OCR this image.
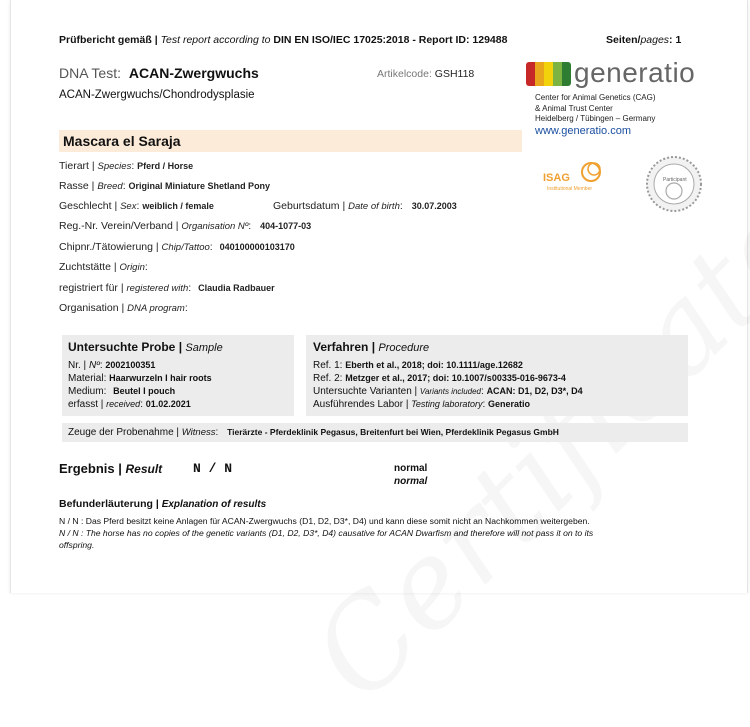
Prüfbericht gemäß | Test report according to DIN EN ISO/IEC 17025:2018 - Report ID: 129488	Seiten/pages: 1
DNA Test: ACAN-Zwergwuchs
ACAN-Zwergwuchs/Chondrodysplasie
Artikelcode: GSH118	generatio
Center for Animal Genetics (CAG)
& Animal Trust Center
Heidelberg / Tübingen – Germany
www.generatio.com
ISAG
Institutional Member
Participant
Mascara el Saraja
Tierart | Species: Pferd / Horse
Rasse | Breed: Original Miniature Shetland Pony
Geschlecht | Sex: weiblich / female	Geburtsdatum | Date of birth: 30.07.2003
Reg.-Nr. Verein/Verband | Organisation Nº: 404-1077-03
Chipnr./Tätowierung | Chip/Tattoo: 040100000103170
Zuchtstätte | Origin:
registriert für | registered with: Claudia Radbauer
Organisation | DNA program:
Untersuchte Probe | Sample
Nr. | Nº: 2002100351
Material: Haarwurzeln I hair roots
Medium: Beutel I pouch
erfasst | received: 01.02.2021
Verfahren | Procedure
Ref. 1: Eberth et al., 2018; doi: 10.1111/age.12682
Ref. 2: Metzger et al., 2017; doi: 10.1007/s00335-016-9673-4
Untersuchte Varianten | Variants included: ACAN: D1, D2, D3*, D4
Ausführendes Labor | Testing laboratory: Generatio
Zeuge der Probenahme | Witness: Tierärzte - Pferdeklinik Pegasus, Breitenfurt bei Wien, Pferdeklinik Pegasus GmbH
Ergebnis | Result N / N	normal
normal
Befunderläuterung | Explanation of results
N / N : Das Pferd besitzt keine Anlagen für ACAN-Zwergwuchs (D1, D2, D3*, D4) und kann diese somit nicht an Nachkommen weitergeben.
N / N : The horse has no copies of the genetic variants (D1, D2, D3*, D4) causative for ACAN Dwarfism and therefore will not pass it on to its
offspring.
